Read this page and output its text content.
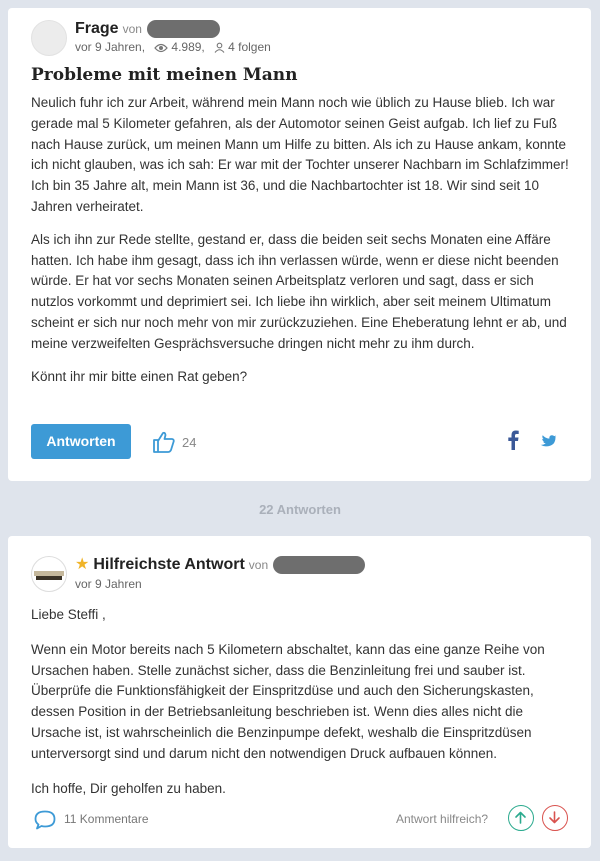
Frage von
vor 9 Jahren, 4.989, 4 folgen
Probleme mit meinen Mann

Neulich fuhr ich zur Arbeit, während mein Mann noch wie üblich zu Hause blieb. Ich war gerade mal 5 Kilometer gefahren, als der Automotor seinen Geist aufgab. Ich lief zu Fuß nach Hause zurück, um meinen Mann um Hilfe zu bitten. Als ich zu Hause ankam, konnte ich nicht glauben, was ich sah: Er war mit der Tochter unserer Nachbarn im Schlafzimmer! Ich bin 35 Jahre alt, mein Mann ist 36, und die Nachbartochter ist 18. Wir sind seit 10 Jahren verheiratet.

Als ich ihn zur Rede stellte, gestand er, dass die beiden seit sechs Monaten eine Affäre hatten. Ich habe ihm gesagt, dass ich ihn verlassen würde, wenn er diese nicht beenden würde. Er hat vor sechs Monaten seinen Arbeitsplatz verloren und sagt, dass er sich nutzlos vorkommt und deprimiert sei. Ich liebe ihn wirklich, aber seit meinem Ultimatum scheint er sich nur noch mehr von mir zurückzuziehen. Eine Eheberatung lehnt er ab, und meine verzweifelten Gesprächsversuche dringen nicht mehr zu ihm durch.

Könnt ihr mir bitte einen Rat geben?

Antworten	24
22 Antworten
★ Hilfreichste Antwort von
vor 9 Jahren

Liebe Steffi ,

Wenn ein Motor bereits nach 5 Kilometern abschaltet, kann das eine ganze Reihe von Ursachen haben. Stelle zunächst sicher, dass die Benzinleitung frei und sauber ist. Überprüfe die Funktionsfähigkeit der Einspritzdüse und auch den Sicherungskasten, dessen Position in der Betriebsanleitung beschrieben ist. Wenn dies alles nicht die Ursache ist, ist wahrscheinlich die Benzinpumpe defekt, weshalb die Einspritzdüsen unterversorgt sind und darum nicht den notwendigen Druck aufbauen können.

Ich hoffe, Dir geholfen zu haben.

11 Kommentare	Antwort hilfreich?
